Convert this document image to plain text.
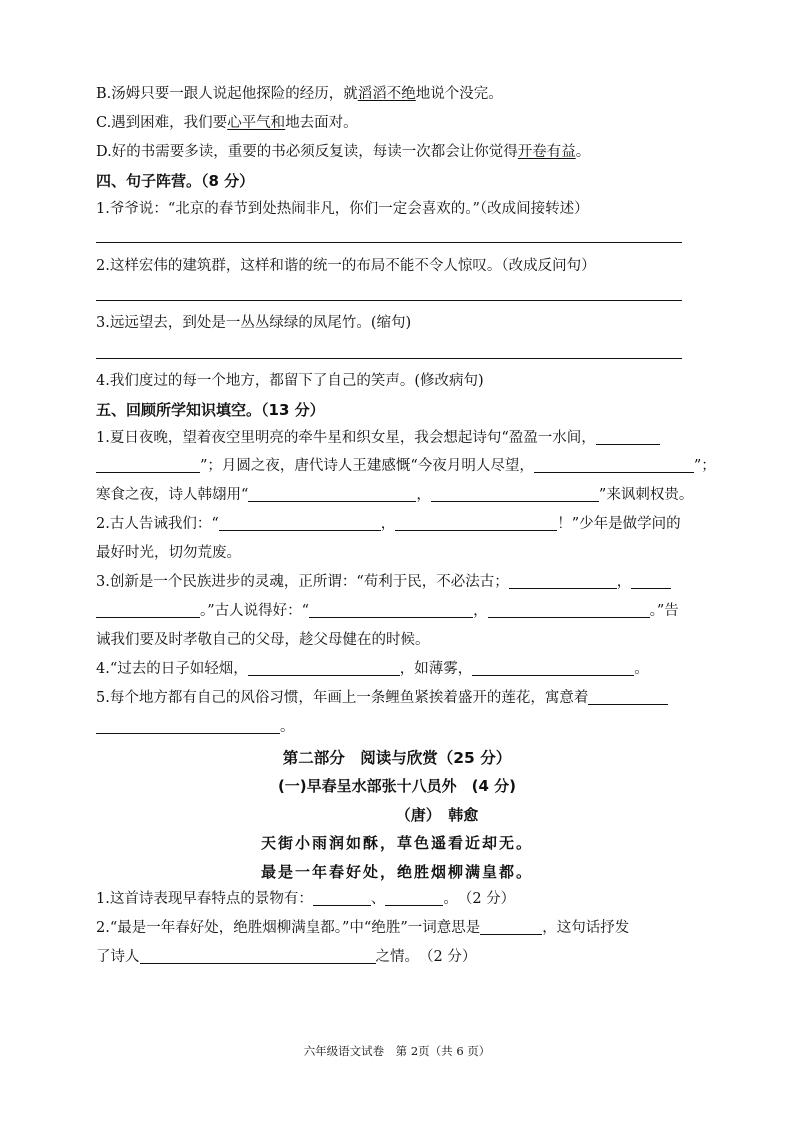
B.汤姆只要一跟人说起他探险的经历，就滔滔不绝地说个没完。
C.遇到困难，我们要心平气和地去面对。
D.好的书需要多读，重要的书必须反复读，每读一次都会让你觉得开卷有益。
四、句子阵营。（8 分）
1.爷爷说：“北京的春节到处热闹非凡，你们一定会喜欢的。”（改成间接转述）
2.这样宏伟的建筑群，这样和谐的统一的布局不能不令人惊叹。（改成反问句）
3.远远望去，到处是一丛丛绿绿的凤尾竹。(缩句)
4.我们度过的每一个地方，都留下了自己的笑声。(修改病句)
五、回顾所学知识填空。（13 分）
1.夏日夜晚，望着夜空里明亮的牵牛星和织女星，我会想起诗句“盈盈一水间，
”；月圆之夜，唐代诗人王建感慨“今夜月明人尽望，	”；
寒食之夜，诗人韩翃用“	，	”来讽刺权贵。
2.古人告诫我们：“	，	！”少年是做学问的
最好时光，切勿荒废。
3.创新是一个民族进步的灵魂，正所谓：“苟利于民，不必法古；	，
。”古人说得好：“	，	。”告
诫我们要及时孝敬自己的父母，趁父母健在的时候。
4.“过去的日子如轻烟，	，如薄雾，	。
5.每个地方都有自己的风俗习惯，年画上一条鲤鱼紧挨着盛开的莲花，寓意着
。
第二部分　阅读与欣赏（25 分）
(一)早春呈水部张十八员外　(4 分)
（唐）　韩愈
天街小雨润如酥，草色遥看近却无。
最是一年春好处，绝胜烟柳满皇都。
1.这首诗表现早春特点的景物有：	、	。　（2 分）
2.“最是一年春好处，绝胜烟柳满皇都。”中“绝胜”一词意思是	，这句话抒发
了诗人	之情。　（2 分）
六年级语文试卷　第 2页（共 6 页）
